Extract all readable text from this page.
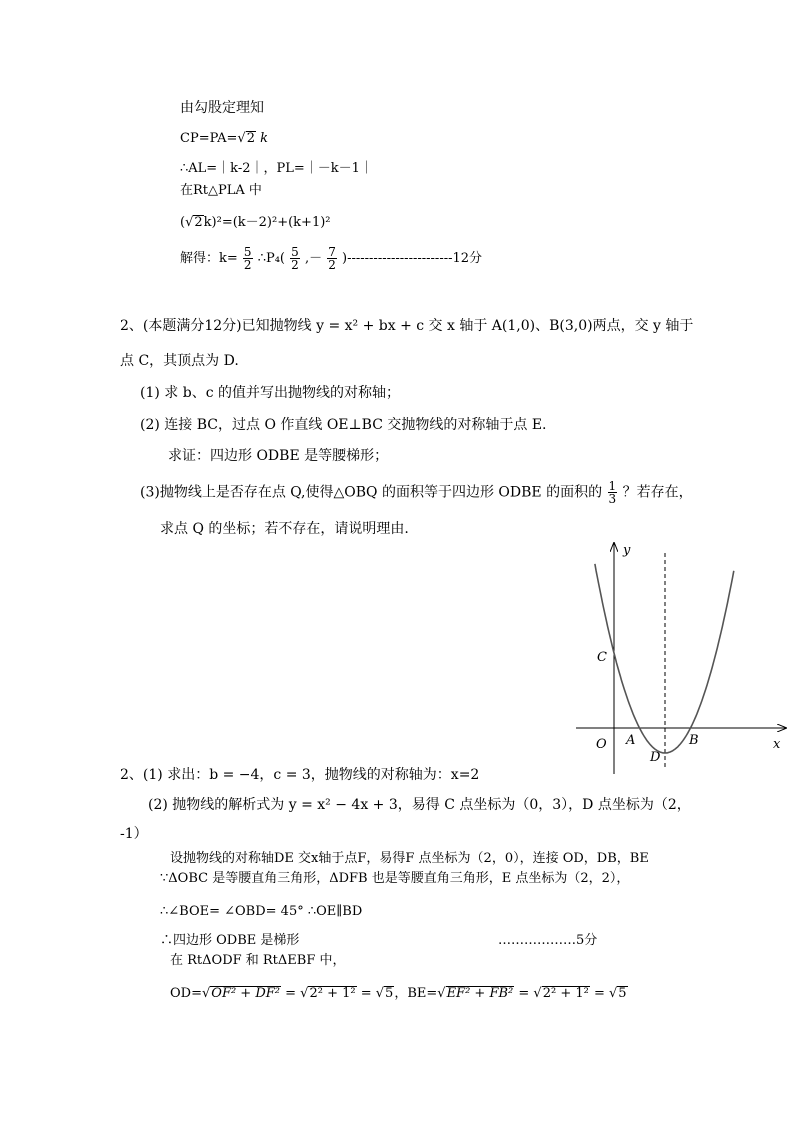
由勾股定理知
CP=PA=√2 k
∴AL=｜k-2｜，PL=｜－k－1｜
在Rt△PLA 中
(√2k)²=(k－2)²+(k+1)²
解得：$k= \frac{5}{2}$ ∴P₄( $\frac{5}{2}$ ,－ $\frac{7}{2} )------------------------12$分
2、(本题满分12分)已知抛物线 y = x² + bx + c 交 x 轴于 A(1,0)、B(3,0)两点，交 y 轴于
点 C，其顶点为 D.
(1) 求 b、c 的值并写出抛物线的对称轴；
(2) 连接 BC，过点 O 作直线 OE⊥BC 交抛物线的对称轴于点 E.
求证：四边形 ODBE 是等腰梯形；
(3)抛物线上是否存在点 Q,使得△OBQ 的面积等于四边形 ODBE 的面积的 $\frac{1}{3}$ ？若存在，
求点 Q 的坐标；若不存在，请说明理由.
y
x
C
O A	B
D
2、(1) 求出：b = −4，c = 3，抛物线的对称轴为：x=2
(2) 抛物线的解析式为 y = x² − 4x + 3，易得 C 点坐标为（0，3），D 点坐标为（2，
-1）
设抛物线的对称轴DE 交x轴于点F，易得F 点坐标为（2，0），连接 OD，DB，BE
∵ΔOBC 是等腰直角三角形，ΔDFB 也是等腰直角三角形，E 点坐标为（2，2），
∴∠BOE= ∠OBD= 45° ∴OE∥BD
∴四边形 ODBE 是梯形	………………5分
在 RtΔODF 和 RtΔEBF 中，
OD=√OF² + DF² = √2² + 1² = √5，BE=√EF² + FB² = √2² + 1² = √5
